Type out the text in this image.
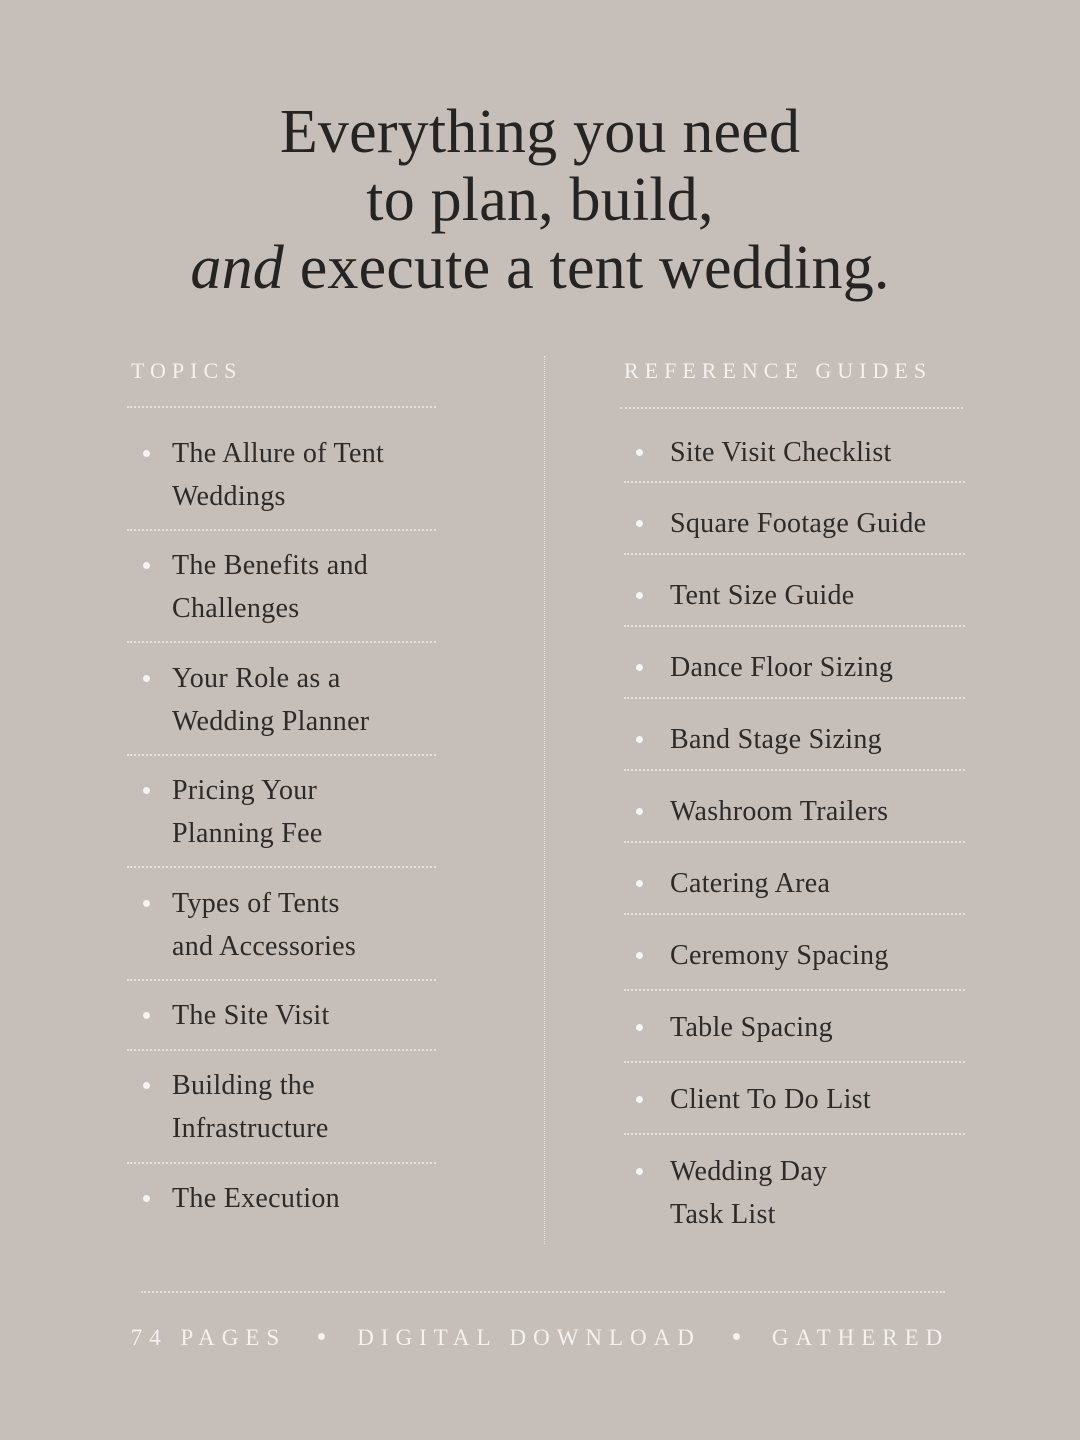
Everything you need
to plan, build,
and execute a tent wedding.
TOPICS	REFERENCE GUIDES
The Allure of Tent
Weddings
The Benefits and
Challenges
Your Role as a
Wedding Planner
Pricing Your
Planning Fee
Types of Tents
and Accessories
The Site Visit
Building the
Infrastructure
The Execution
Site Visit Checklist
Square Footage Guide
Tent Size Guide
Dance Floor Sizing
Band Stage Sizing
Washroom Trailers
Catering Area
Ceremony Spacing
Table Spacing
Client To Do List
Wedding Day
Task List
74 PAGES	DIGITAL DOWNLOAD	GATHERED
